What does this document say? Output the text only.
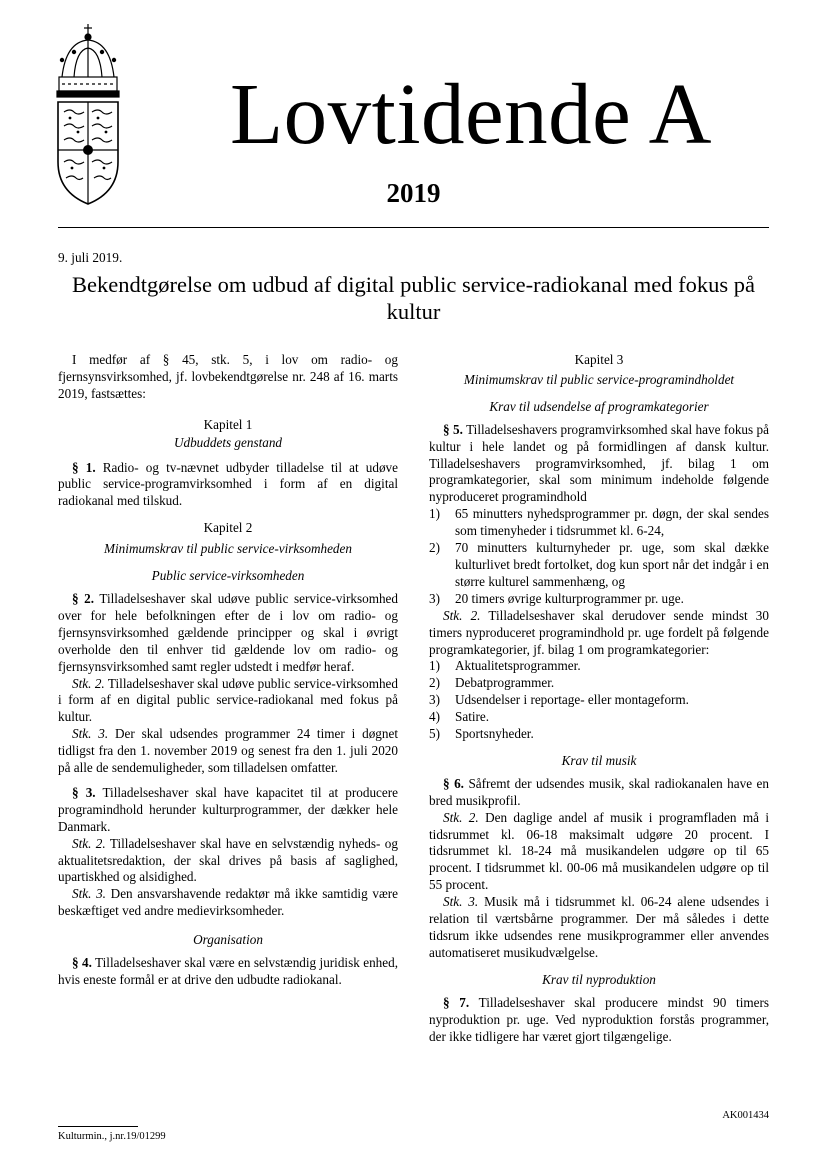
Lovtidende A
2019
9. juli 2019.
Bekendtgørelse om udbud af digital public service-radiokanal med fokus på kultur

I medfør af § 45, stk. 5, i lov om radio- og fjernsynsvirksomhed, jf. lovbekendtgørelse nr. 248 af 16. marts 2019, fastsættes:

Kapitel 1
Udbuddets genstand

§ 1. Radio- og tv-nævnet udbyder tilladelse til at udøve public service-programvirksomhed i form af en digital radiokanal med tilskud.

Kapitel 2
Minimumskrav til public service-virksomheden
Public service-virksomheden

§ 2. Tilladelseshaver skal udøve public service-virksomhed over for hele befolkningen efter de i lov om radio- og fjernsynsvirksomhed gældende principper og skal i øvrigt overholde den til enhver tid gældende lov om radio- og fjernsynsvirksomhed samt regler udstedt i medfør heraf.

Stk. 2. Tilladelseshaver skal udøve public service-virksomhed i form af en digital public service-radiokanal med fokus på kultur.

Stk. 3. Der skal udsendes programmer 24 timer i døgnet tidligst fra den 1. november 2019 og senest fra den 1. juli 2020 på alle de sendemuligheder, som tilladelsen omfatter.

§ 3. Tilladelseshaver skal have kapacitet til at producere programindhold herunder kulturprogrammer, der dækker hele Danmark.

Stk. 2. Tilladelseshaver skal have en selvstændig nyheds- og aktualitetsredaktion, der skal drives på basis af saglighed, upartiskhed og alsidighed.

Stk. 3. Den ansvarshavende redaktør må ikke samtidig være beskæftiget ved andre medievirksomheder.

Organisation

§ 4. Tilladelseshaver skal være en selvstændig juridisk enhed, hvis eneste formål er at drive den udbudte radiokanal.

Kapitel 3
Minimumskrav til public service-programindholdet
Krav til udsendelse af programkategorier

§ 5. Tilladelseshavers programvirksomhed skal have fokus på kultur i hele landet og på formidlingen af dansk kultur. Tilladelseshavers programvirksomhed, jf. bilag 1 om programkategorier, skal som minimum indeholde følgende nyproduceret programindhold

1) 65 minutters nyhedsprogrammer pr. døgn, der skal sendes som timenyheder i tidsrummet kl. 6-24,
2) 70 minutters kulturnyheder pr. uge, som skal dække kulturlivet bredt fortolket, dog kun sport når det indgår i en større kulturel sammenhæng, og
3) 20 timers øvrige kulturprogrammer pr. uge.

Stk. 2. Tilladelseshaver skal derudover sende mindst 30 timers nyproduceret programindhold pr. uge fordelt på følgende programkategorier, jf. bilag 1 om programkategorier:

1) Aktualitetsprogrammer.
2) Debatprogrammer.
3) Udsendelser i reportage- eller montageform.
4) Satire.
5) Sportsnyheder.
Krav til musik

§ 6. Såfremt der udsendes musik, skal radiokanalen have en bred musikprofil.

Stk. 2. Den daglige andel af musik i programfladen må i tidsrummet kl. 06-18 maksimalt udgøre 20 procent. I tidsrummet kl. 18-24 må musikandelen udgøre op til 65 procent. I tidsrummet kl. 00-06 må musikandelen udgøre op til 55 procent.

Stk. 3. Musik må i tidsrummet kl. 06-24 alene udsendes i relation til værtsbårne programmer. Der må således i dette tidsrum ikke udsendes rene musikprogrammer eller anvendes automatiseret musikudvælgelse.

Krav til nyproduktion

§ 7. Tilladelseshaver skal producere mindst 90 timers nyproduktion pr. uge. Ved nyproduktion forstås programmer, der ikke tidligere har været gjort tilgængelige.

AK001434
Kulturmin., j.nr.19/01299
